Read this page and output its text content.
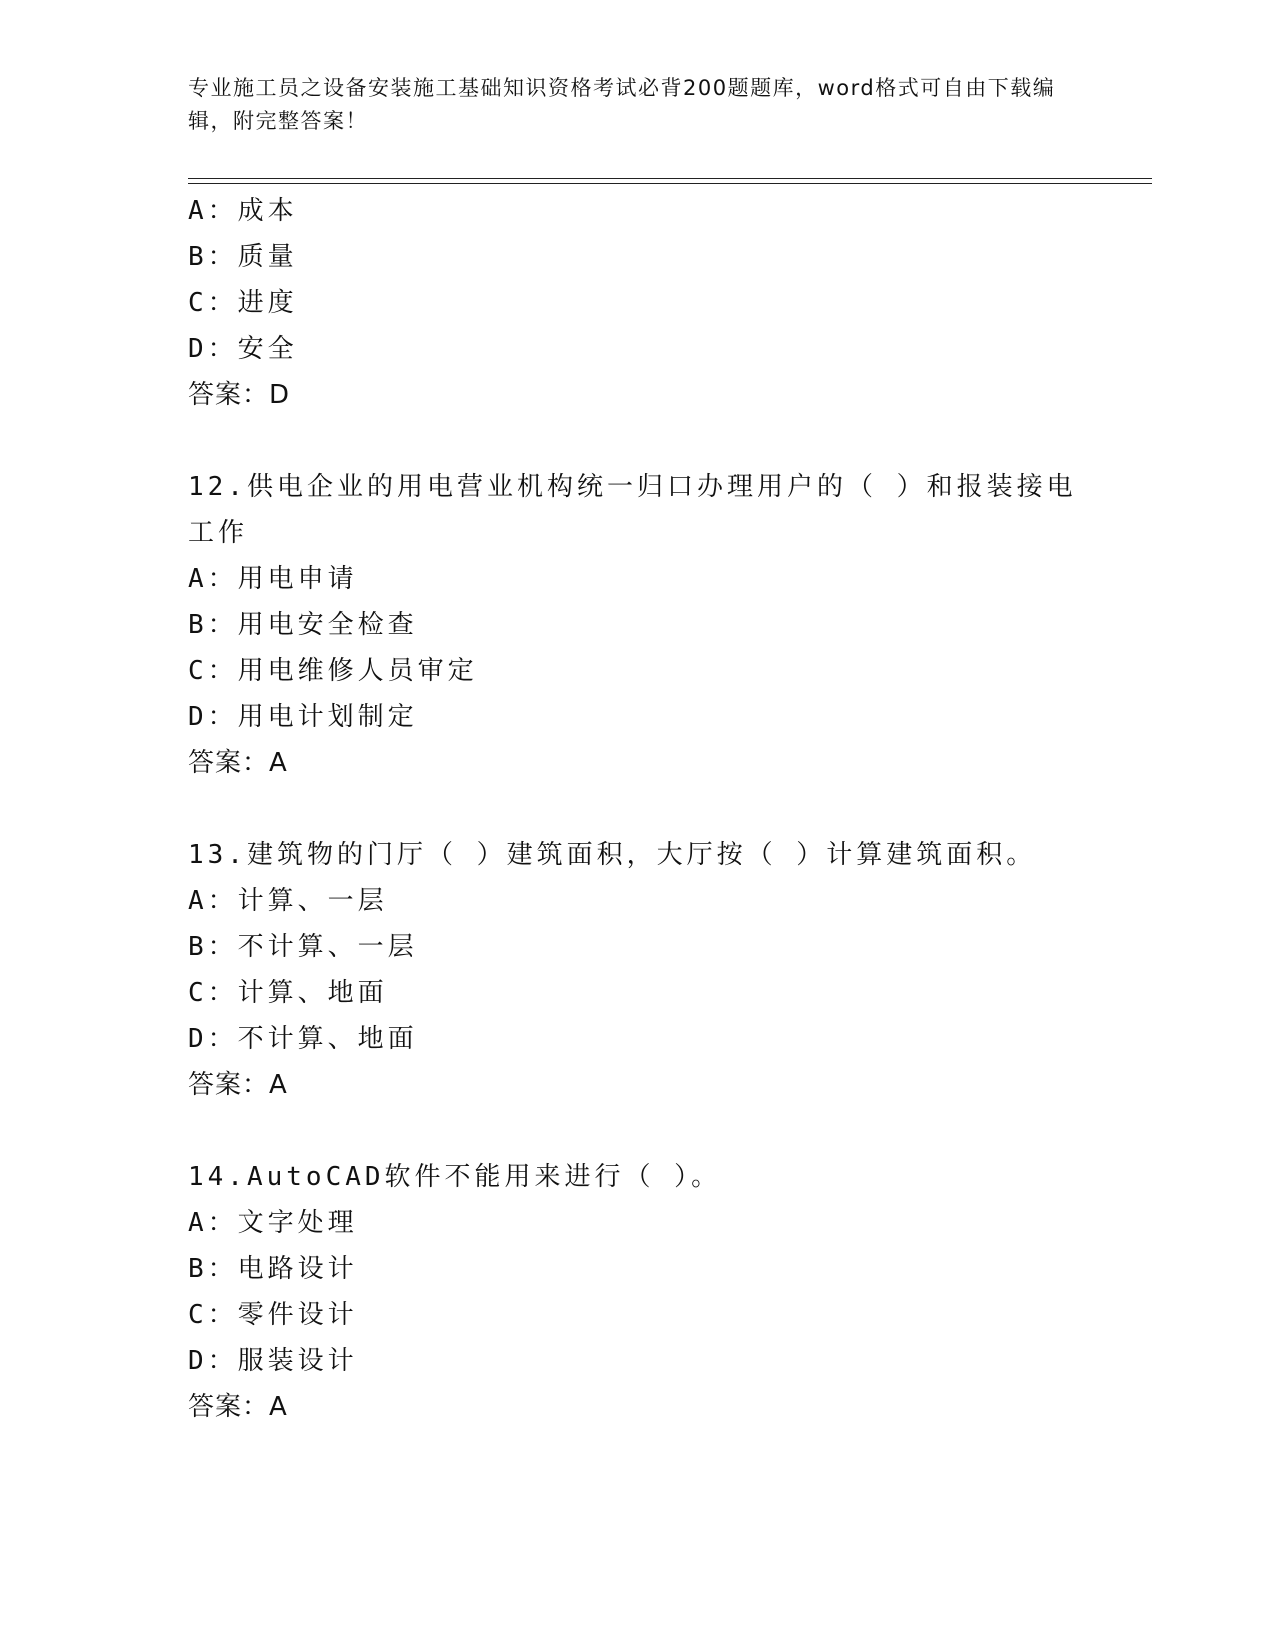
专业施工员之设备安装施工基础知识资格考试必背200题题库，word格式可自由下载编辑，附完整答案！
A：成本
B：质量
C：进度
D：安全
答案：D
12.供电企业的用电营业机构统一归口办理用户的（ ）和报装接电工作
A：用电申请
B：用电安全检查
C：用电维修人员审定
D：用电计划制定
答案：A
13.建筑物的门厅（ ）建筑面积，大厅按（ ）计算建筑面积。
A：计算、一层
B：不计算、一层
C：计算、地面
D：不计算、地面
答案：A
14.AutoCAD软件不能用来进行（ ）。
A：文字处理
B：电路设计
C：零件设计
D：服装设计
答案：A
